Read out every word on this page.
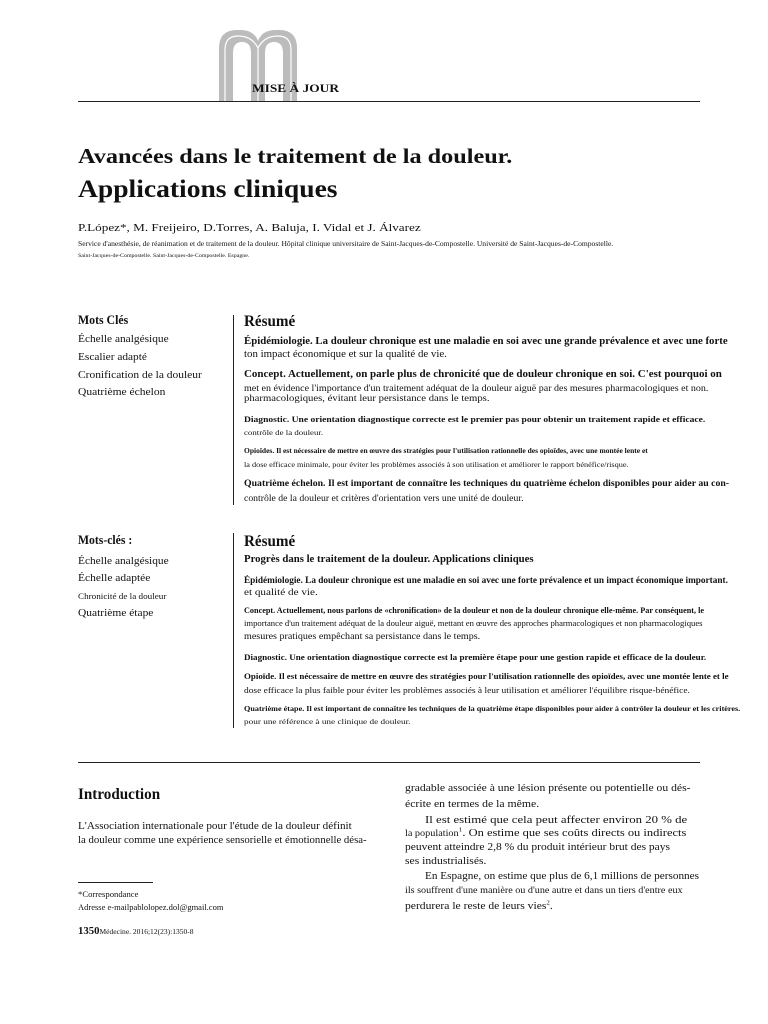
MISE À JOUR
Avancées dans le traitement de la douleur.
Applications cliniques
P.López*, M. Freijeiro, D.Torres, A. Baluja, I. Vidal et J. Álvarez
Service d'anesthésie, de réanimation et de traitement de la douleur. Hôpital clinique universitaire de Saint-Jacques-de-Compostelle. Université de Saint-Jacques-de-Compostelle.
Saint-Jacques-de-Compostelle. Saint-Jacques-de-Compostelle. Espagne.
Mots Clés
Échelle analgésique
Escalier adapté
Cronification de la douleur
Quatrième échelon
Résumé
Épidémiologie. La douleur chronique est une maladie en soi avec une grande prévalence et avec une forte
ton impact économique et sur la qualité de vie.
Concept. Actuellement, on parle plus de chronicité que de douleur chronique en soi. C'est pourquoi on
met en évidence l'importance d'un traitement adéquat de la douleur aiguë par des mesures pharmacologiques et non.
pharmacologiques, évitant leur persistance dans le temps.
Diagnostic. Une orientation diagnostique correcte est le premier pas pour obtenir un traitement rapide et efficace.
contrôle de la douleur.
Opioïdes. Il est nécessaire de mettre en œuvre des stratégies pour l'utilisation rationnelle des opioïdes, avec une montée lente et
la dose efficace minimale, pour éviter les problèmes associés à son utilisation et améliorer le rapport bénéfice/risque.
Quatrième échelon. Il est important de connaître les techniques du quatrième échelon disponibles pour aider au con-
contrôle de la douleur et critères d'orientation vers une unité de douleur.
Mots-clés :
Échelle analgésique
Échelle adaptée
Chronicité de la douleur
Quatrième étape
Résumé
Progrès dans le traitement de la douleur. Applications cliniques
Épidémiologie. La douleur chronique est une maladie en soi avec une forte prévalence et un impact économique important.
et qualité de vie.
Concept. Actuellement, nous parlons de «chronification» de la douleur et non de la douleur chronique elle-même. Par conséquent, le
importance d'un traitement adéquat de la douleur aiguë, mettant en œuvre des approches pharmacologiques et non pharmacologiques
mesures pratiques empêchant sa persistance dans le temps.
Diagnostic. Une orientation diagnostique correcte est la première étape pour une gestion rapide et efficace de la douleur.
Opioïde. Il est nécessaire de mettre en œuvre des stratégies pour l'utilisation rationnelle des opioïdes, avec une montée lente et le
dose efficace la plus faible pour éviter les problèmes associés à leur utilisation et améliorer l'équilibre risque-bénéfice.
Quatrième étape. Il est important de connaître les techniques de la quatrième étape disponibles pour aider à contrôler la douleur et les critères.
pour une référence à une clinique de douleur.
Introduction
L'Association internationale pour l'étude de la douleur définit
la douleur comme une expérience sensorielle et émotionnelle désa-
*Correspondance
Adresse e-mailpablolopez.dol@gmail.com
1350Médecine. 2016;12(23):1350-8
gradable associée à une lésion présente ou potentielle ou dés-
écrite en termes de la même.
Il est estimé que cela peut affecter environ 20 % de
la population$^1$. On estime que ses coûts directs ou indirects
peuvent atteindre 2,8 % du produit intérieur brut des pays
ses industrialisés.
En Espagne, on estime que plus de 6,1 millions de personnes
ils souffrent d'une manière ou d'une autre et dans un tiers d'entre eux
perdurera le reste de leurs vies$^2$.
